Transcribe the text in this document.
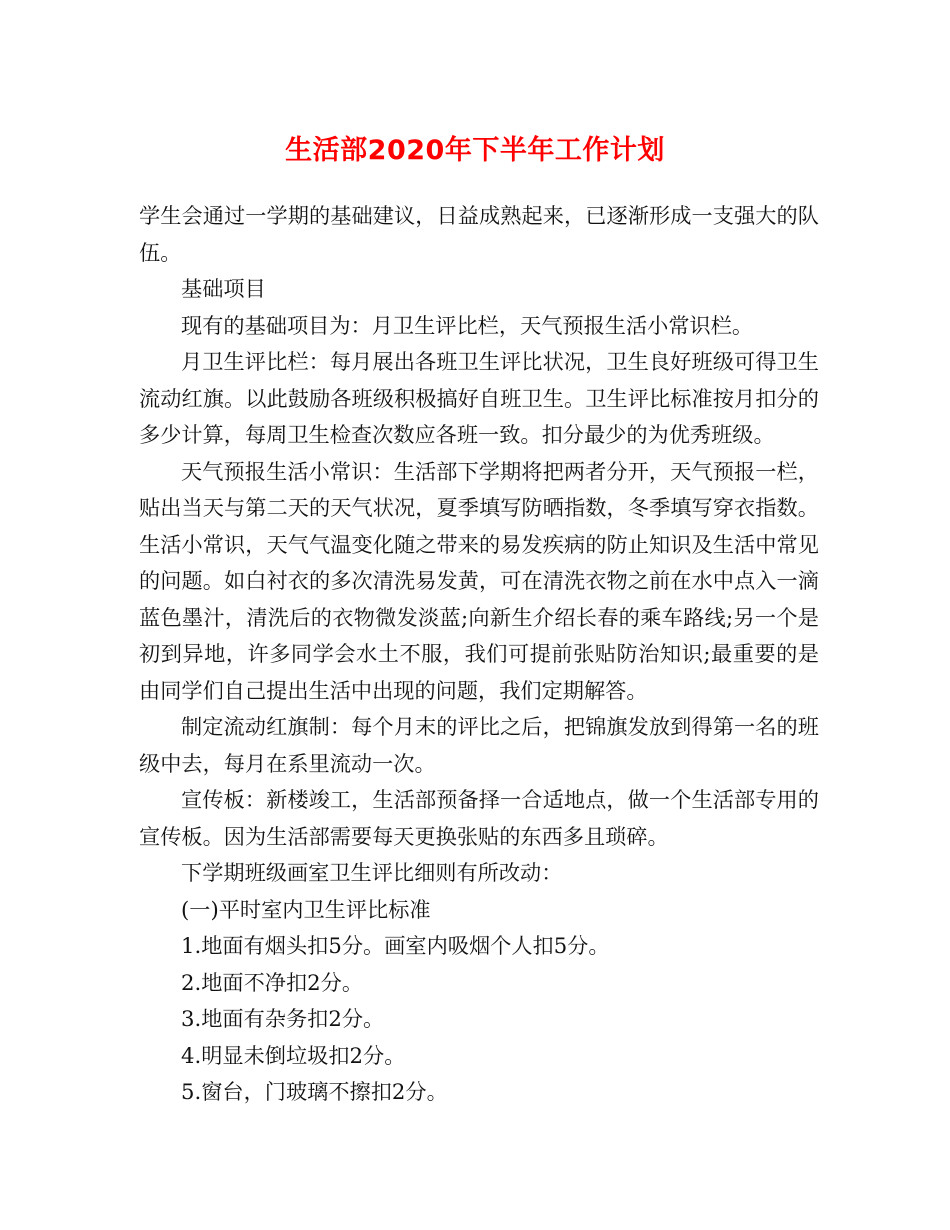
生活部2020年下半年工作计划

学生会通过一学期的基础建议，日益成熟起来，已逐渐形成一支强大的队伍。

基础项目

现有的基础项目为：月卫生评比栏，天气预报生活小常识栏。

月卫生评比栏：每月展出各班卫生评比状况，卫生良好班级可得卫生流动红旗。以此鼓励各班级积极搞好自班卫生。卫生评比标准按月扣分的多少计算，每周卫生检查次数应各班一致。扣分最少的为优秀班级。

天气预报生活小常识：生活部下学期将把两者分开，天气预报一栏，贴出当天与第二天的天气状况，夏季填写防晒指数，冬季填写穿衣指数。生活小常识，天气气温变化随之带来的易发疾病的防止知识及生活中常见的问题。如白衬衣的多次清洗易发黄，可在清洗衣物之前在水中点入一滴蓝色墨汁，清洗后的衣物微发淡蓝;向新生介绍长春的乘车路线;另一个是初到异地，许多同学会水土不服，我们可提前张贴防治知识;最重要的是由同学们自己提出生活中出现的问题，我们定期解答。

制定流动红旗制：每个月末的评比之后，把锦旗发放到得第一名的班级中去，每月在系里流动一次。

宣传板：新楼竣工，生活部预备择一合适地点，做一个生活部专用的宣传板。因为生活部需要每天更换张贴的东西多且琐碎。

下学期班级画室卫生评比细则有所改动：

(一)平时室内卫生评比标准

1.地面有烟头扣5分。画室内吸烟个人扣5分。

2.地面不净扣2分。

3.地面有杂务扣2分。

4.明显未倒垃圾扣2分。

5.窗台，门玻璃不擦扣2分。
